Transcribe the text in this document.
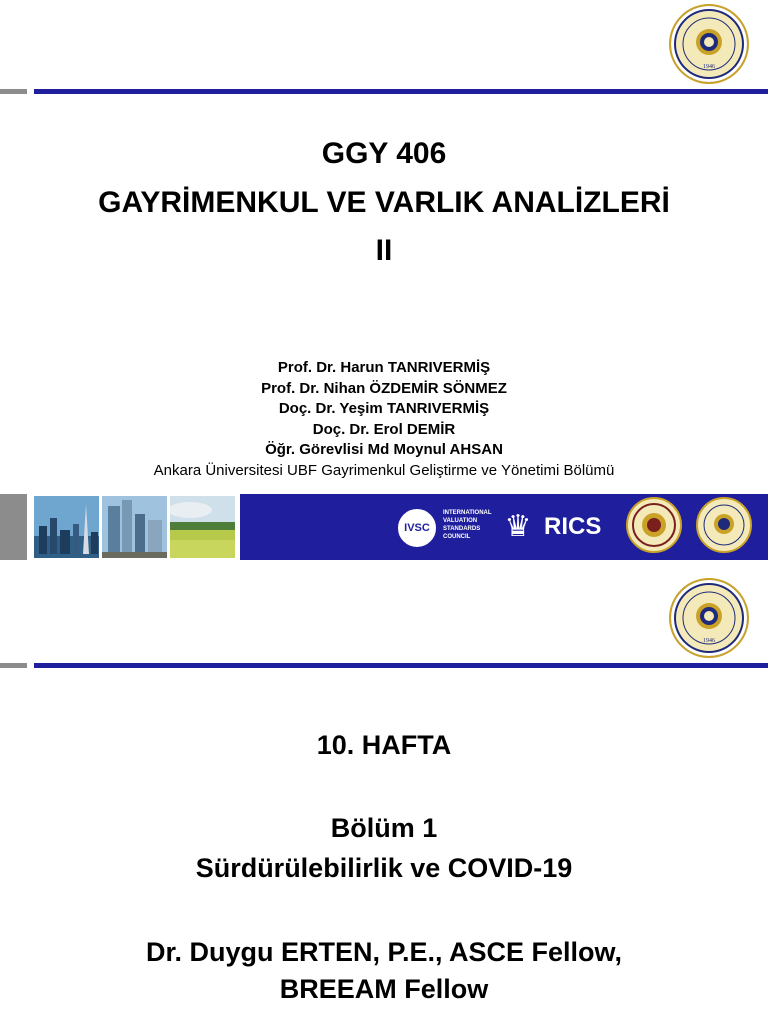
1946
GGY 406
GAYRİMENKUL VE VARLIK ANALİZLERİ
II
Prof. Dr. Harun TANRIVERMİŞ
Prof. Dr. Nihan ÖZDEMİR SÖNMEZ
Doç. Dr. Yeşim TANRIVERMİŞ
Doç. Dr. Erol DEMİR
Öğr. Görevlisi Md Moynul AHSAN
Ankara Üniversitesi UBF Gayrimenkul Geliştirme ve Yönetimi Bölümü
IVSC
INTERNATIONAL
VALUATION
STANDARDS
COUNCIL	♛ RICS
1946
10. HAFTA
Bölüm 1
Sürdürülebilirlik ve COVID-19
Dr. Duygu ERTEN, P.E., ASCE Fellow,
BREEAM Fellow
